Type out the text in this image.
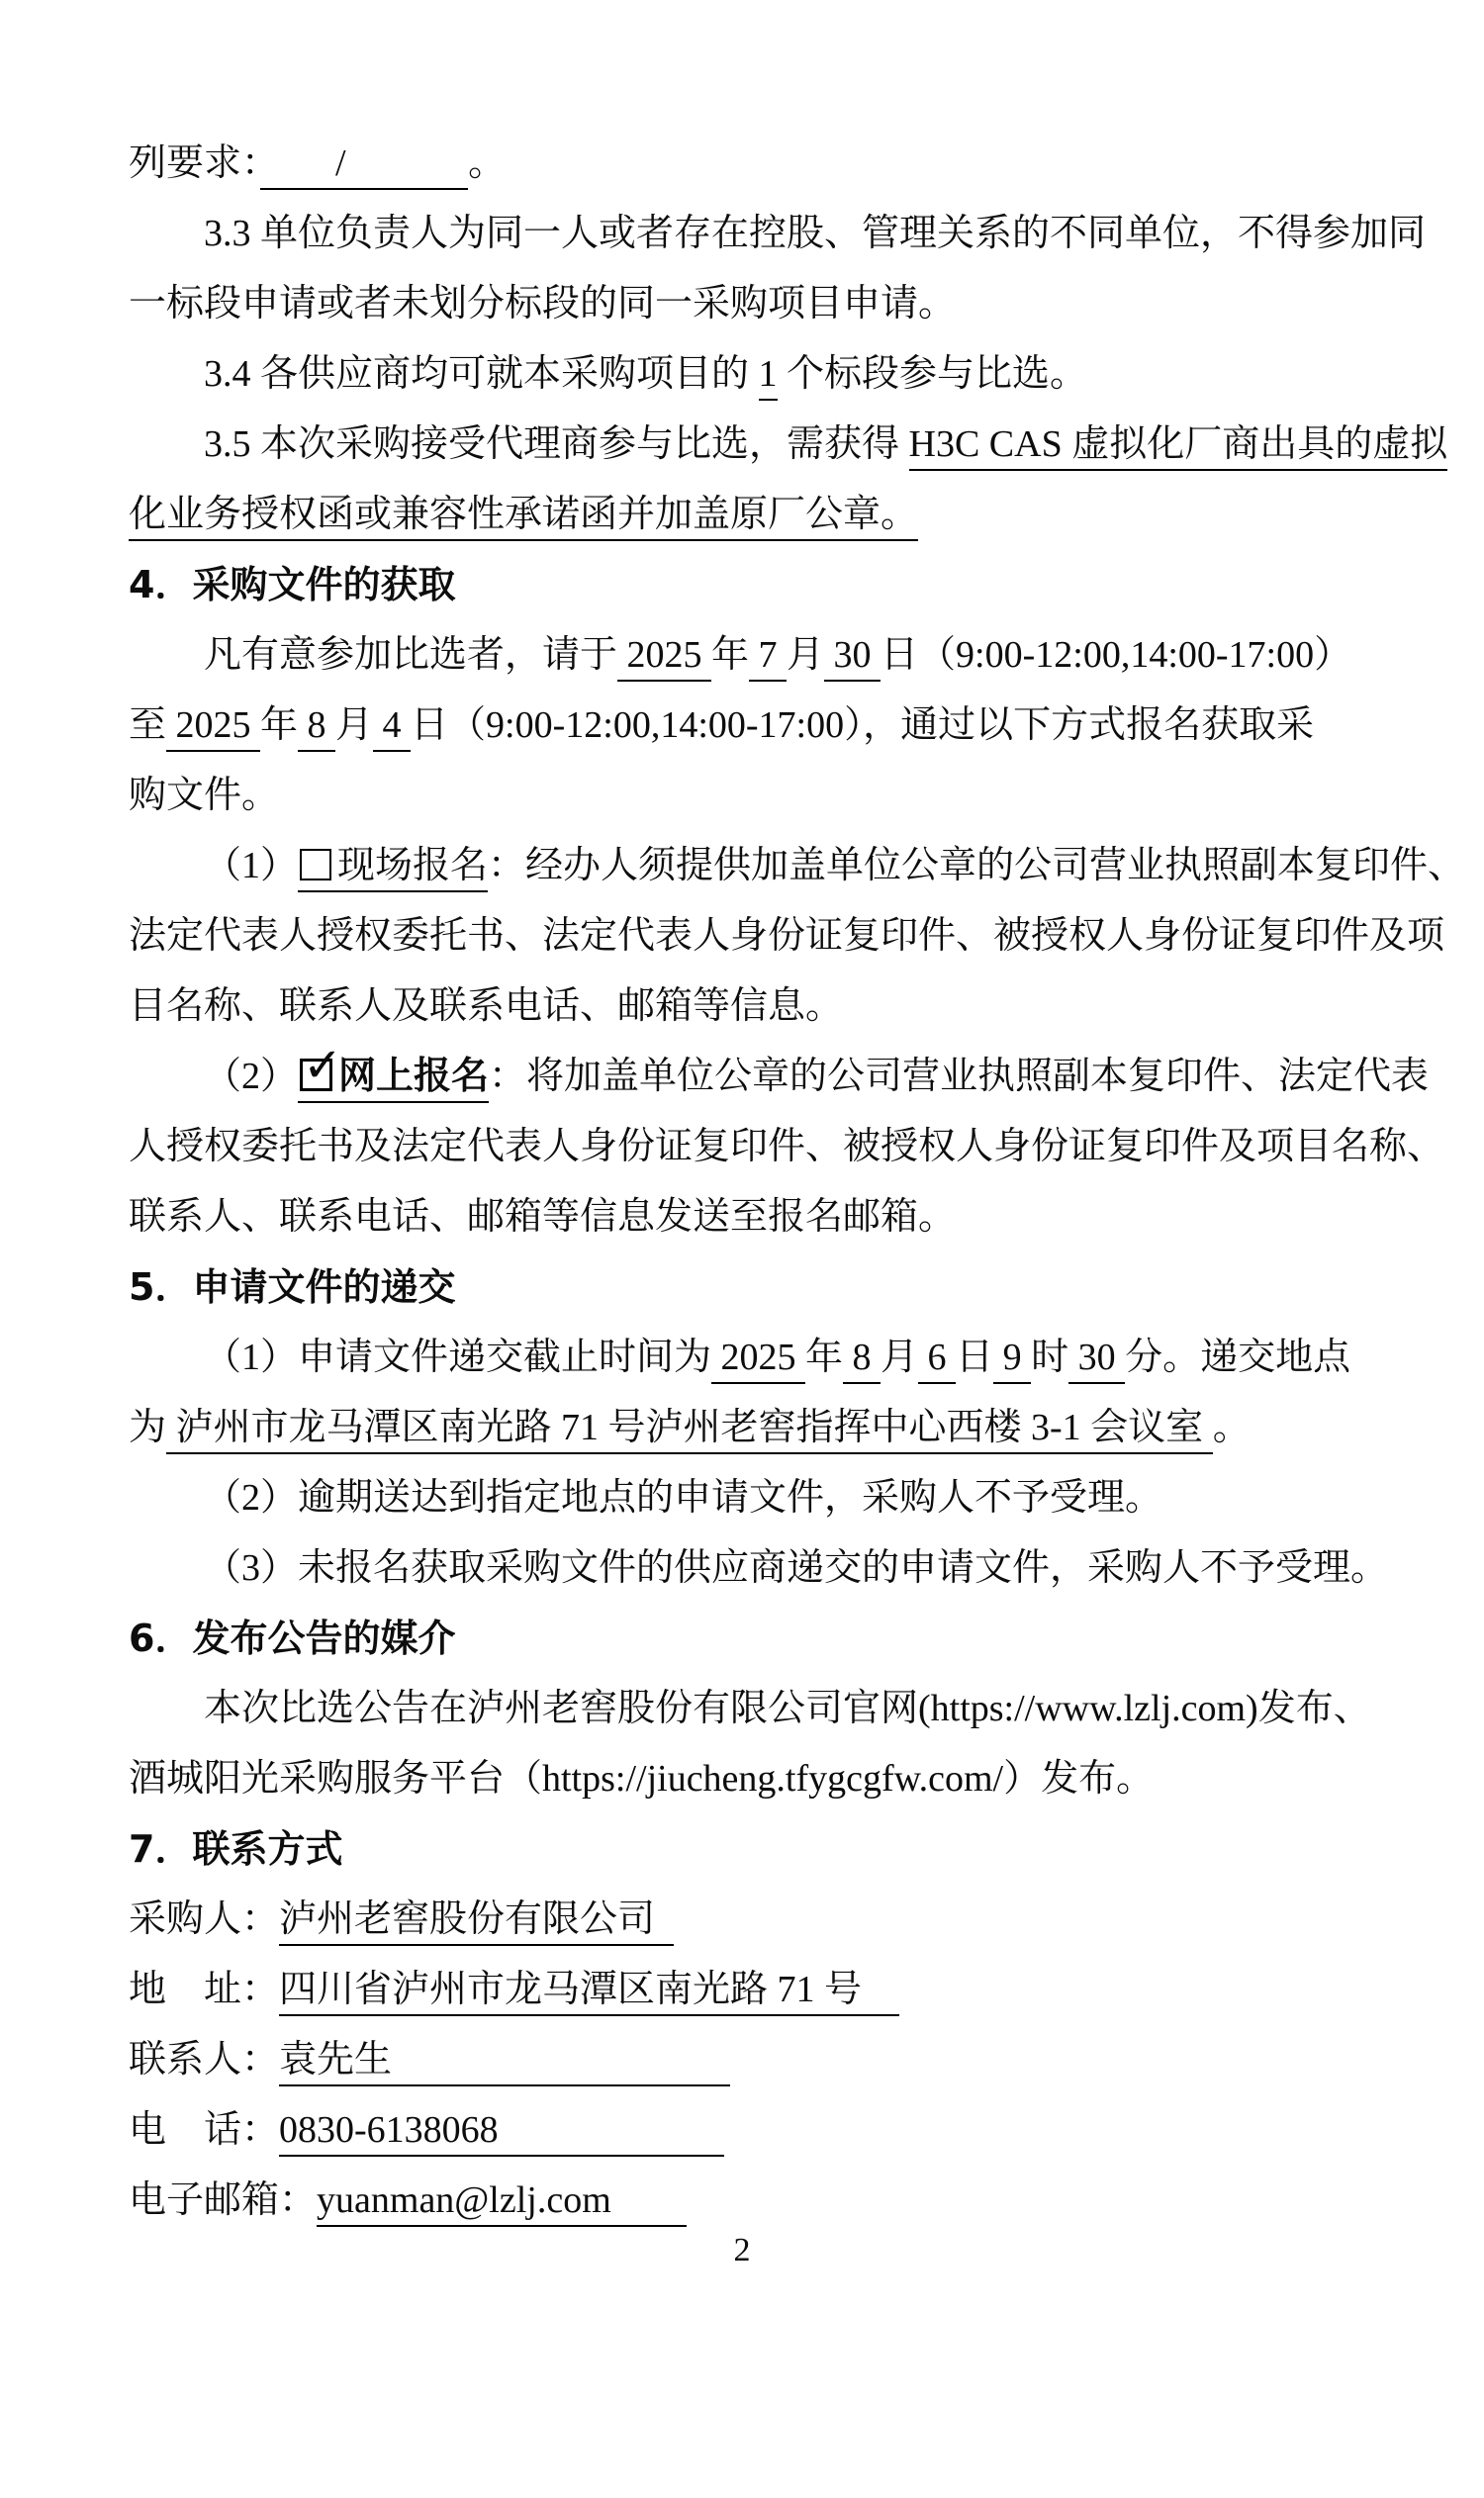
列要求：　　/　　　 。
3.3 单位负责人为同一人或者存在控股、管理关系的不同单位，不得参加同
一标段申请或者未划分标段的同一采购项目申请。
3.4 各供应商均可就本采购项目的 1 个标段参与比选。
3.5 本次采购接受代理商参与比选，需获得 H3C CAS 虚拟化厂商出具的虚拟
化业务授权函或兼容性承诺函并加盖原厂公章。
4．采购文件的获取
凡有意参加比选者，请于 2025 年 7 月 30 日（9:00-12:00,14:00-17:00）
至 2025 年 8 月 4 日（9:00-12:00,14:00-17:00），通过以下方式报名获取采
购文件。
（1） 现场报名：经办人须提供加盖单位公章的公司营业执照副本复印件、
法定代表人授权委托书、法定代表人身份证复印件、被授权人身份证复印件及项
目名称、联系人及联系电话、邮箱等信息。
（2） ✓
网上报名：将加盖单位公章的公司营业执照副本复印件、法定代表
人授权委托书及法定代表人身份证复印件、被授权人身份证复印件及项目名称、
联系人、联系电话、邮箱等信息发送至报名邮箱。
5．申请文件的递交
（1）申请文件递交截止时间为 2025 年 8 月 6 日 9 时 30 分。递交地点
为 泸州市龙马潭区南光路 71 号泸州老窖指挥中心西楼 3-1 会议室 。
（2）逾期送达到指定地点的申请文件，采购人不予受理。
（3）未报名获取采购文件的供应商递交的申请文件，采购人不予受理。
6．发布公告的媒介
本次比选公告在泸州老窖股份有限公司官网(https://www.lzlj.com)发布、
酒城阳光采购服务平台（https://jiucheng.tfygcgfw.com/）发布。
7．联系方式
采购人：泸州老窖股份有限公司
地　址：四川省泸州市龙马潭区南光路 71 号　
联系人：袁先生　　　　　　　　　
电　话：0830-6138068　　　　　　
电子邮箱：yuanman@lzlj.com　　
2
